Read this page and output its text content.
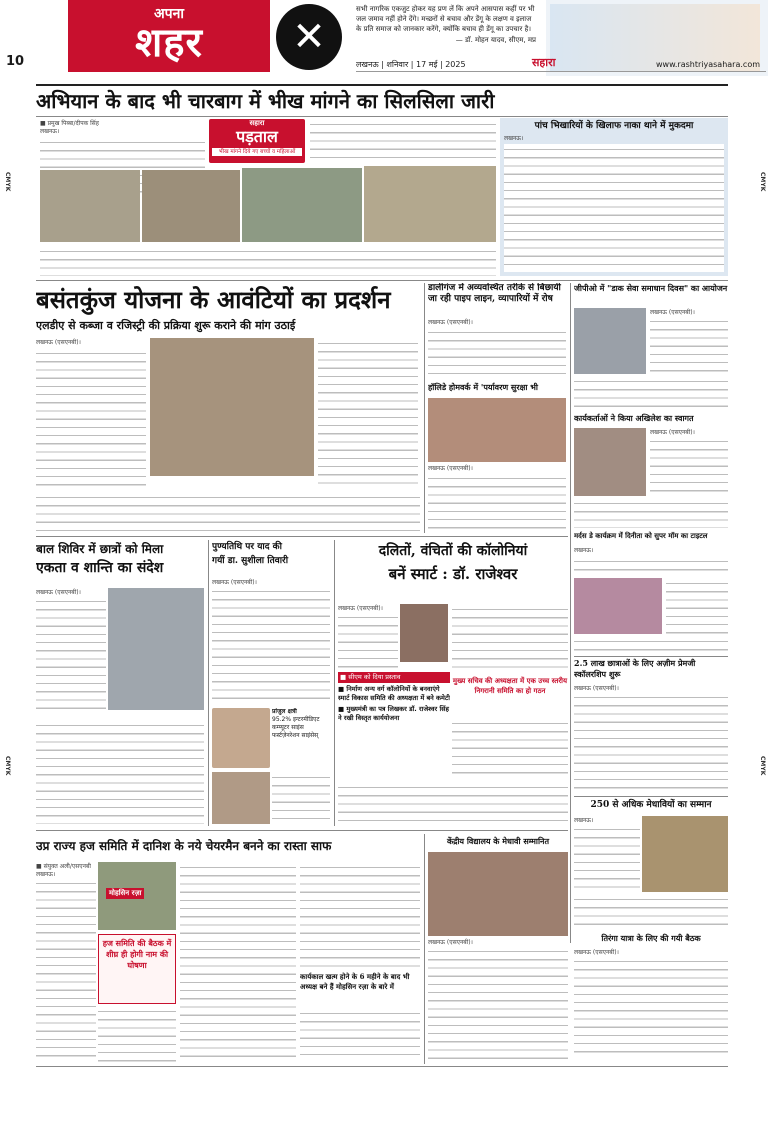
10
अपना
शहर	✕
सभी नागरिक एकजुट होकर यह प्रण लें कि अपने आसपास कहीं पर भी जल जमाव नहीं होने देंगे। मच्छरों से बचाव और डेंगू के लक्षण व इलाज के प्रति समाज को जानकार करेंगे, क्योंकि बचाव ही डेंगू का उपचार है।
— डॉ. मोहन यादव, सीएम, मप्र
लखनऊ | शनिवार | 17 मई | 2025	सहारा	www.rashtriyasahara.com
CMYK	CMYK
CMYK	CMYK
अभियान के बाद भी चारबाग में भीख मांगने का सिलसिला जारी
■ प्रमुख पिब्बा/दीपक सिंह
लखनऊ।
सहारा
पड़ताल
भीख मांगने दिये गए बच्चों व महिलाओं
पांच भिखारियों के खिलाफ नाका थाने में मुकदमा
लखनऊ।
बसंतकुंज योजना के आवंटियों का प्रदर्शन
एलडीए से कब्जा व रजिस्ट्री की प्रक्रिया शुरू कराने की मांग उठाई
लखनऊ (एसएनबी)।
डालीगंज में अव्यवस्थित तरीके से बिछायी जा रही पाइप लाइन, व्यापारियों में रोष
लखनऊ (एसएनबी)।
हॉलिडे होमवर्क में 'पर्यावरण सुरक्षा भी
लखनऊ (एसएनबी)।
जीपीओ में "डाक सेवा समाधान दिवस" का आयोजन
लखनऊ (एसएनबी)।
कार्यकर्ताओं ने किया अखिलेश का स्वागत
लखनऊ (एसएनबी)।
मर्दस डे कार्यक्रम में दिनीता को सुपर मॉम का टाइटल
लखनऊ।
2.5 लाख छात्राओं के लिए अज़ीम प्रेमजी स्कॉलरशिप शुरू
लखनऊ (एसएनबी)।
बाल शिविर में छात्रों को मिला
एकता व शान्ति का संदेश
लखनऊ (एसएनबी)।
पुण्यतिथि पर याद की
गयीं डा. सुशीला तिवारी
लखनऊ (एसएनबी)।
प्रांजुल क्षत्री
95.2% इन्टरमीडिएट कम्प्यूटर साइंस फर्स्टज़ेनरेशन साइंसेस्
दलितों, वंचितों की कॉलोनियां
बनें स्मार्ट : डॉ. राजेश्वर
लखनऊ (एसएनबी)।
■ सीएम को दिया प्रस्ताव
■ निर्माण अन्य वर्ग कॉलोनियों के बनवाएंगे स्मार्ट विकास समिति की अध्यक्षता में बने कमेटी
■ मुख्यमंत्री का पत्र लिखकर डॉ. राजेश्वर सिंह ने रखी विस्तृत कार्ययोजना
मुख्य सचिव की अध्यक्षता में एक उच्च स्तरीय निगरानी समिति का हो गठन
250 से अधिक मेधावियों का सम्मान
लखनऊ।
तिरंगा यात्रा के लिए की गयी बैठक
लखनऊ (एसएनबी)।
उप्र राज्य हज समिति में दानिश के नये चेयरमैन बनने का रास्ता साफ
■ संयुक्त अली/एसएनबी
लखनऊ।
मोहसिन रज़ा
हज समिति की बैठक में शीघ्र ही होगी नाम की घोषणा
कार्यकाल खत्म होने के 6 महीने के बाद भी अध्यक्ष बने हैं मोहसिन रज़ा के बारे में
केंद्रीय विद्यालय के मेधावी सम्मानित
लखनऊ (एसएनबी)।
